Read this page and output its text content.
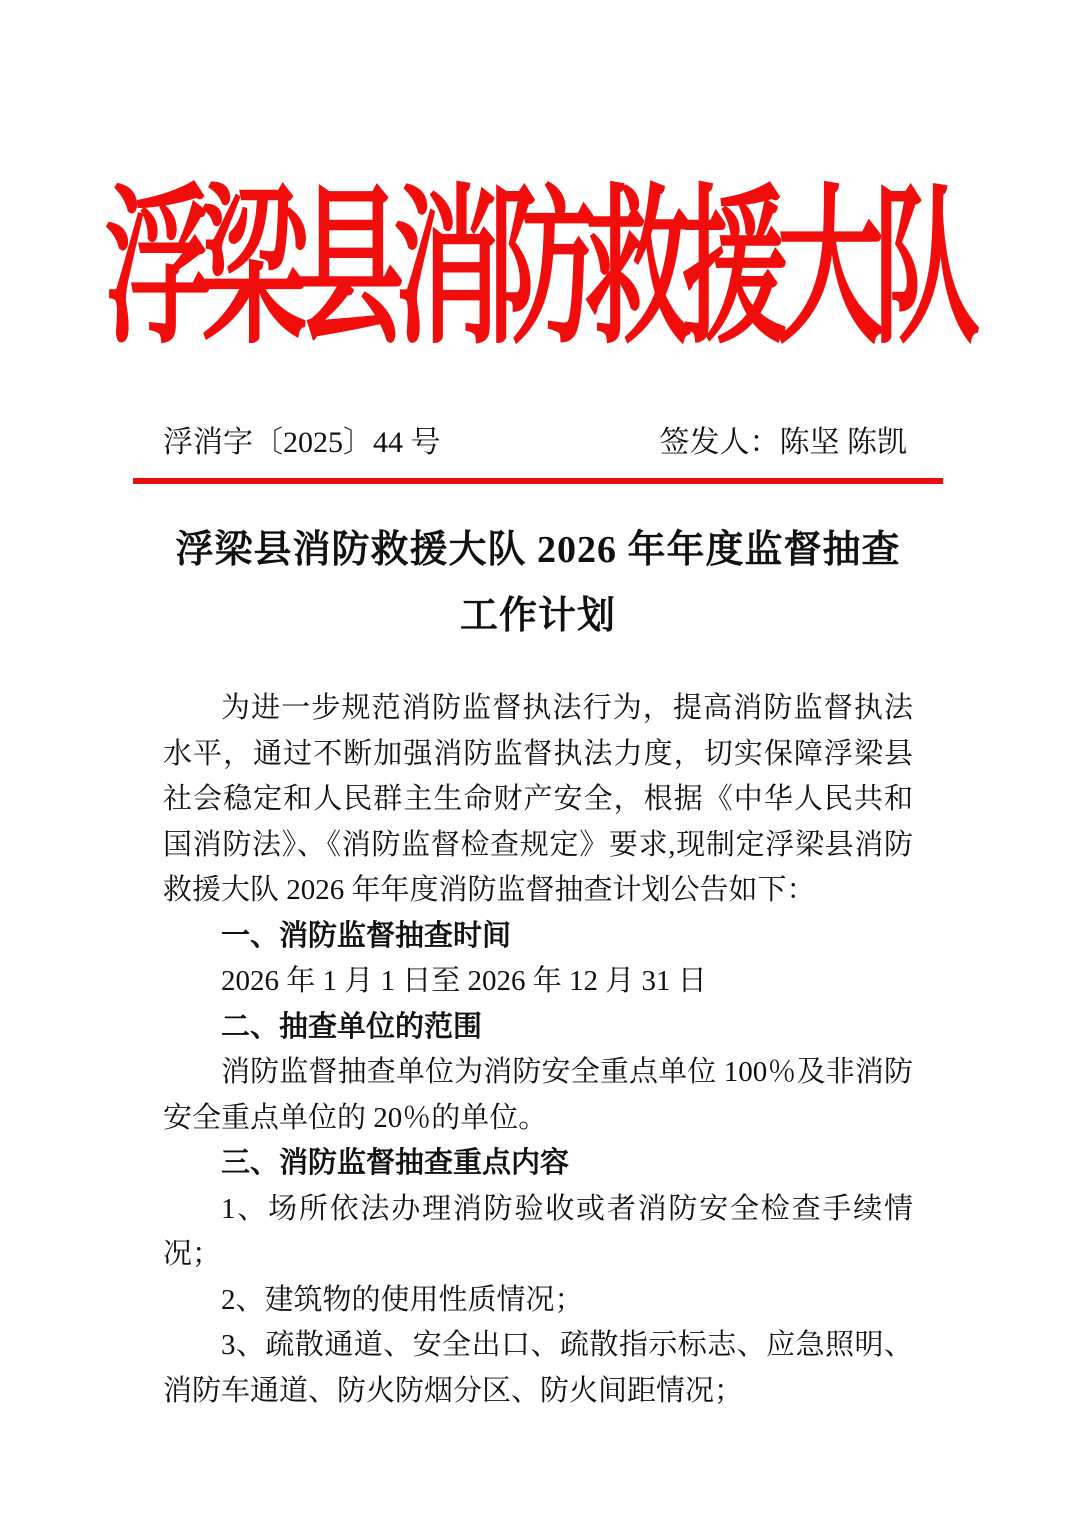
浮梁县消防救援大队
浮消字〔2025〕44 号	签发人：陈坚 陈凯
浮梁县消防救援大队 2026 年年度监督抽查
工作计划

为进一步规范消防监督执法行为，提高消防监督执法水平，通过不断加强消防监督执法力度，切实保障浮梁县社会稳定和人民群主生命财产安全，根据《中华人民共和国消防法》、《消防监督检查规定》要求,现制定浮梁县消防救援大队 2026 年年度消防监督抽查计划公告如下：

一、消防监督抽查时间

2026 年 1 月 1 日至 2026 年 12 月 31 日

二、抽查单位的范围

消防监督抽查单位为消防安全重点单位 100％及非消防安全重点单位的 20％的单位。

三、消防监督抽查重点内容

1、场所依法办理消防验收或者消防安全检查手续情况；

2、建筑物的使用性质情况；

3、疏散通道、安全出口、疏散指示标志、应急照明、消防车通道、防火防烟分区、防火间距情况；
